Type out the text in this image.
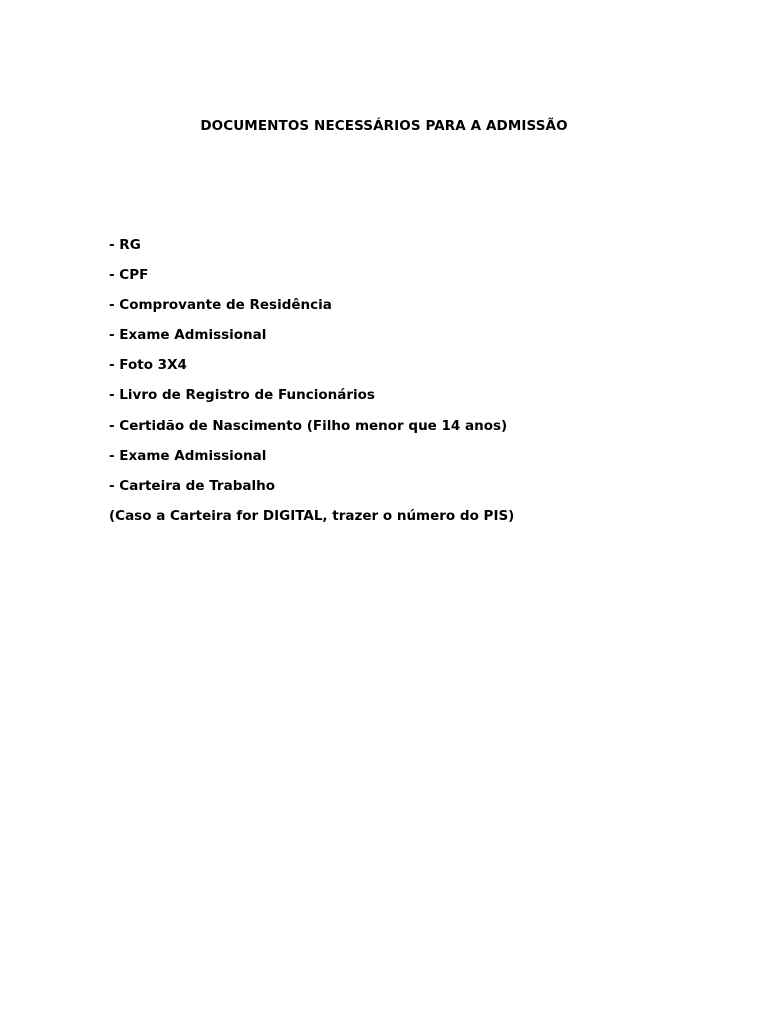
DOCUMENTOS NECESSÁRIOS PARA A ADMISSÃO
- RG
- CPF
- Comprovante de Residência
- Exame Admissional
- Foto 3X4
- Livro de Registro de Funcionários
- Certidão de Nascimento (Filho menor que 14 anos)
- Exame Admissional
- Carteira de Trabalho

(Caso a Carteira for DIGITAL, trazer o número do PIS)
